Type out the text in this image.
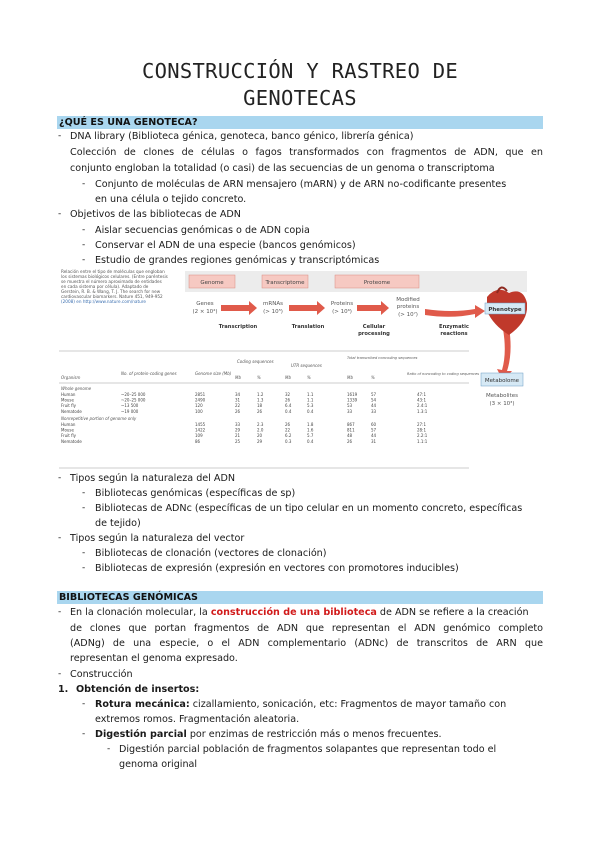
CONSTRUCCIÓN Y RASTREO DE
GENOTECAS
¿QUÉ ES UNA GENOTECA?
- DNA library (Biblioteca génica, genoteca, banco génico, librería génica)
Colección de clones de células o fagos transformados con fragmentos de ADN, que en
conjunto engloban la totalidad (o casi) de las secuencias de un genoma o transcriptoma
- Conjunto de moléculas de ARN mensajero (mARN) y de ARN no-codificante presentes
en una célula o tejido concreto.
- Objetivos de las bibliotecas de ADN
- Aislar secuencias genómicas o de ADN copia
- Conservar el ADN de una especie (bancos genómicos)
- Estudio de grandes regiones genómicas y transcriptómicas
Relación entre el tipo de moléculas que engloban
los sistemas biológicos celulares. (Entre paréntesis
se muestra el número aproximado de entidades
en cada sistema por célula). Adaptado de
Gerstein, R. B. & Wang, T. J. The search for new
cardiovascular biomarkers. Nature 451, 949-952
(2008) en http://www.nature.com/nature
Genome	Transcriptome	Proteome
Genes
(2 × 10⁴)
mRNAs
(> 10⁵)
Proteins
(> 10⁶)
Modified
proteins
(> 10⁷)
Transcription	Translation	Cellular
processing
Enzymatic
reactions
Phenotype
Metabolome
Metabolites
(3 × 10³)
Organism
No. of protein-coding genes	Genome size (Mb)
Coding sequences
UTR sequences
Total transcribed noncoding sequences
Ratio of noncoding to coding sequences
Mb	%	Mb	%	Mb	%
Whole genome
Human	~20–25 000	2851	34	1.2	32	1.1	1619	57	47:1
Mouse	~20–25 000	2490	31	1.3	26	1.1	1339	54	43:1
Fruit fly	~13 500	120	22	18	6.4	5.3	53	44	2.4:1
Nematode	~19 000	100	26	26	0.4	0.4	33	33	1.3:1
Nonrepetitive portion of genome only
Human	1455	33	2.3	26	1.8	867	60	27:1
Mouse	1422	29	2.0	22	1.6	811	57	28:1
Fruit fly	109	21	20	6.2	5.7	48	44	2.2:1
Nematode	86	25	29	0.3	0.4	26	31	1.1:1
- Tipos según la naturaleza del ADN
- Bibliotecas genómicas (específicas de sp)
- Bibliotecas de ADNc (específicas de un tipo celular en un momento concreto, específicas
de tejido)
- Tipos según la naturaleza del vector
- Bibliotecas de clonación (vectores de clonación)
- Bibliotecas de expresión (expresión en vectores con promotores inducibles)
BIBLIOTECAS GENÓMICAS
- En la clonación molecular, la construcción de una biblioteca de ADN se refiere a la creación
de clones que portan fragmentos de ADN que representan el ADN genómico completo
(ADNg) de una especie, o el ADN complementario (ADNc) de transcritos de ARN que
representan el genoma expresado.
- Construcción
1. Obtención de insertos:
- Rotura mecánica: cizallamiento, sonicación, etc: Fragmentos de mayor tamaño con
extremos romos. Fragmentación aleatoria.
- Digestión parcial por enzimas de restricción más o menos frecuentes.
- Digestión parcial población de fragmentos solapantes que representan todo el
genoma original
